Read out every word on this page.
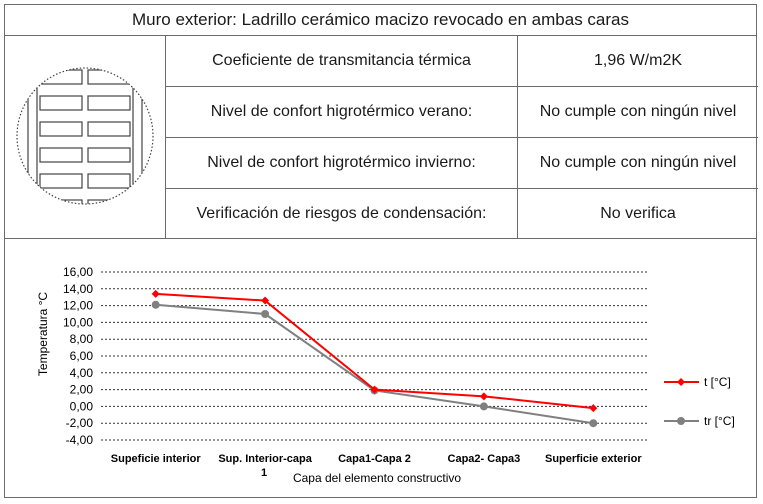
Muro exterior: Ladrillo cerámico macizo revocado en ambas caras
Coeficiente de transmitancia térmica	1,96 W/m2K
Nivel de confort higrotérmico verano:	No cumple con ningún nivel
Nivel de confort higrotérmico invierno:	No cumple con ningún nivel
Verificación de riesgos de condensación:	No verifica
Temperatura °C
Capa del elemento constructivo
1
16,00
14,00
12,00
10,00
8,00
6,00
4,00
2,00
0,00
-2,00
-4,00
Supeficie interior Sup. Interior-capa Capa1-Capa 2	Capa2- Capa3 Superficie exterior
t [°C]
tr [°C]
